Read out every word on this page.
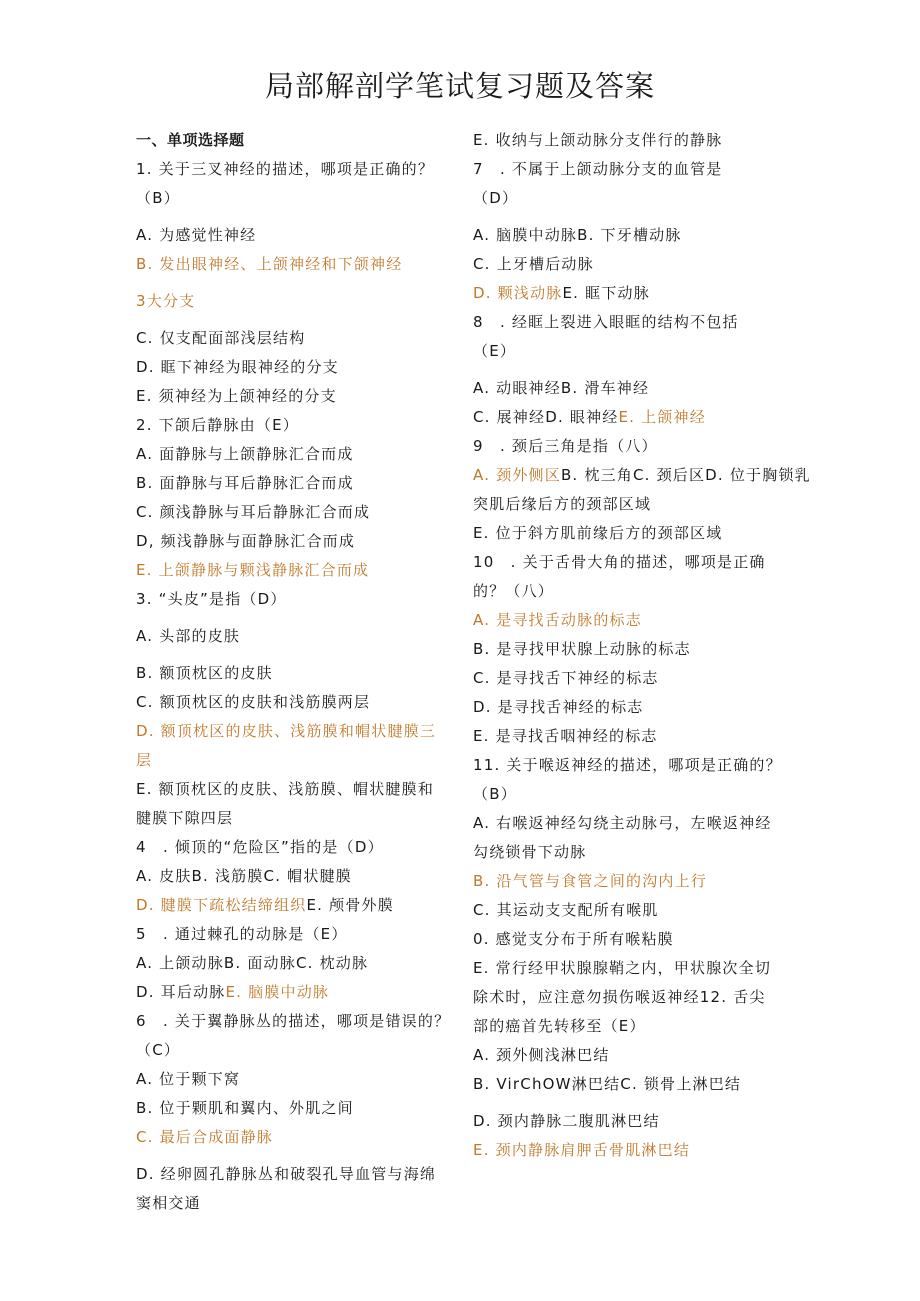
局部解剖学笔试复习题及答案
一、单项选择题
1. 关于三叉神经的描述，哪项是正确的？
（B）
A. 为感觉性神经
B. 发出眼神经、上颌神经和下颌神经
3大分支
C. 仅支配面部浅层结构
D. 眶下神经为眼神经的分支
E. 须神经为上颌神经的分支
2. 下颌后静脉由（E）
A. 面静脉与上颌静脉汇合而成
B. 面静脉与耳后静脉汇合而成
C. 颜浅静脉与耳后静脉汇合而成
D, 频浅静脉与面静脉汇合而成
E. 上颌静脉与颗浅静脉汇合而成
3. “头皮”是指（D）
A. 头部的皮肤
B. 额顶枕区的皮肤
C. 额顶枕区的皮肤和浅筋膜两层
D. 额顶枕区的皮肤、浅筋膜和帽状腱膜三
层
E. 额顶枕区的皮肤、浅筋膜、帽状腱膜和
腱膜下隙四层
4　. 倾顶的“危险区”指的是（D）
A. 皮肤B. 浅筋膜C. 帽状腱膜
D. 腱膜下疏松结缔组织E. 颅骨外膜
5　. 通过棘孔的动脉是（E）
A. 上颌动脉B. 面动脉C. 枕动脉
D. 耳后动脉E. 脑膜中动脉
6　. 关于翼静脉丛的描述，哪项是错误的？
（C）
A. 位于颗下窝
B. 位于颗肌和翼内、外肌之间
C. 最后合成面静脉
D. 经卵圆孔静脉丛和破裂孔导血管与海绵
窦相交通
E. 收纳与上颌动脉分支伴行的静脉
7　. 不属于上颌动脉分支的血管是
（D）
A. 脑膜中动脉B. 下牙槽动脉
C. 上牙槽后动脉
D. 颗浅动脉E. 眶下动脉
8　. 经眶上裂进入眼眶的结构不包括
（E）
A. 动眼神经B. 滑车神经
C. 展神经D. 眼神经E. 上颌神经
9　. 颈后三角是指（八）
A. 颈外侧区B. 枕三角C. 颈后区D. 位于胸锁乳
突肌后缘后方的颈部区域
E. 位于斜方肌前缘后方的颈部区域
10　. 关于舌骨大角的描述，哪项是正确
的？（八）
A. 是寻找舌动脉的标志
B. 是寻找甲状腺上动脉的标志
C. 是寻找舌下神经的标志
D. 是寻找舌神经的标志
E. 是寻找舌咽神经的标志
11. 关于喉返神经的描述，哪项是正确的？
（B）
A. 右喉返神经勾绕主动脉弓，左喉返神经
勾绕锁骨下动脉
B. 沿气管与食管之间的沟内上行
C. 其运动支支配所有喉肌
0. 感觉支分布于所有喉粘膜
E. 常行经甲状腺腺鞘之内，甲状腺次全切
除术时，应注意勿损伤喉返神经12. 舌尖
部的癌首先转移至（E）
A. 颈外侧浅淋巴结
B. VirChOW淋巴结C. 锁骨上淋巴结
D. 颈内静脉二腹肌淋巴结
E. 颈内静脉肩胛舌骨肌淋巴结
